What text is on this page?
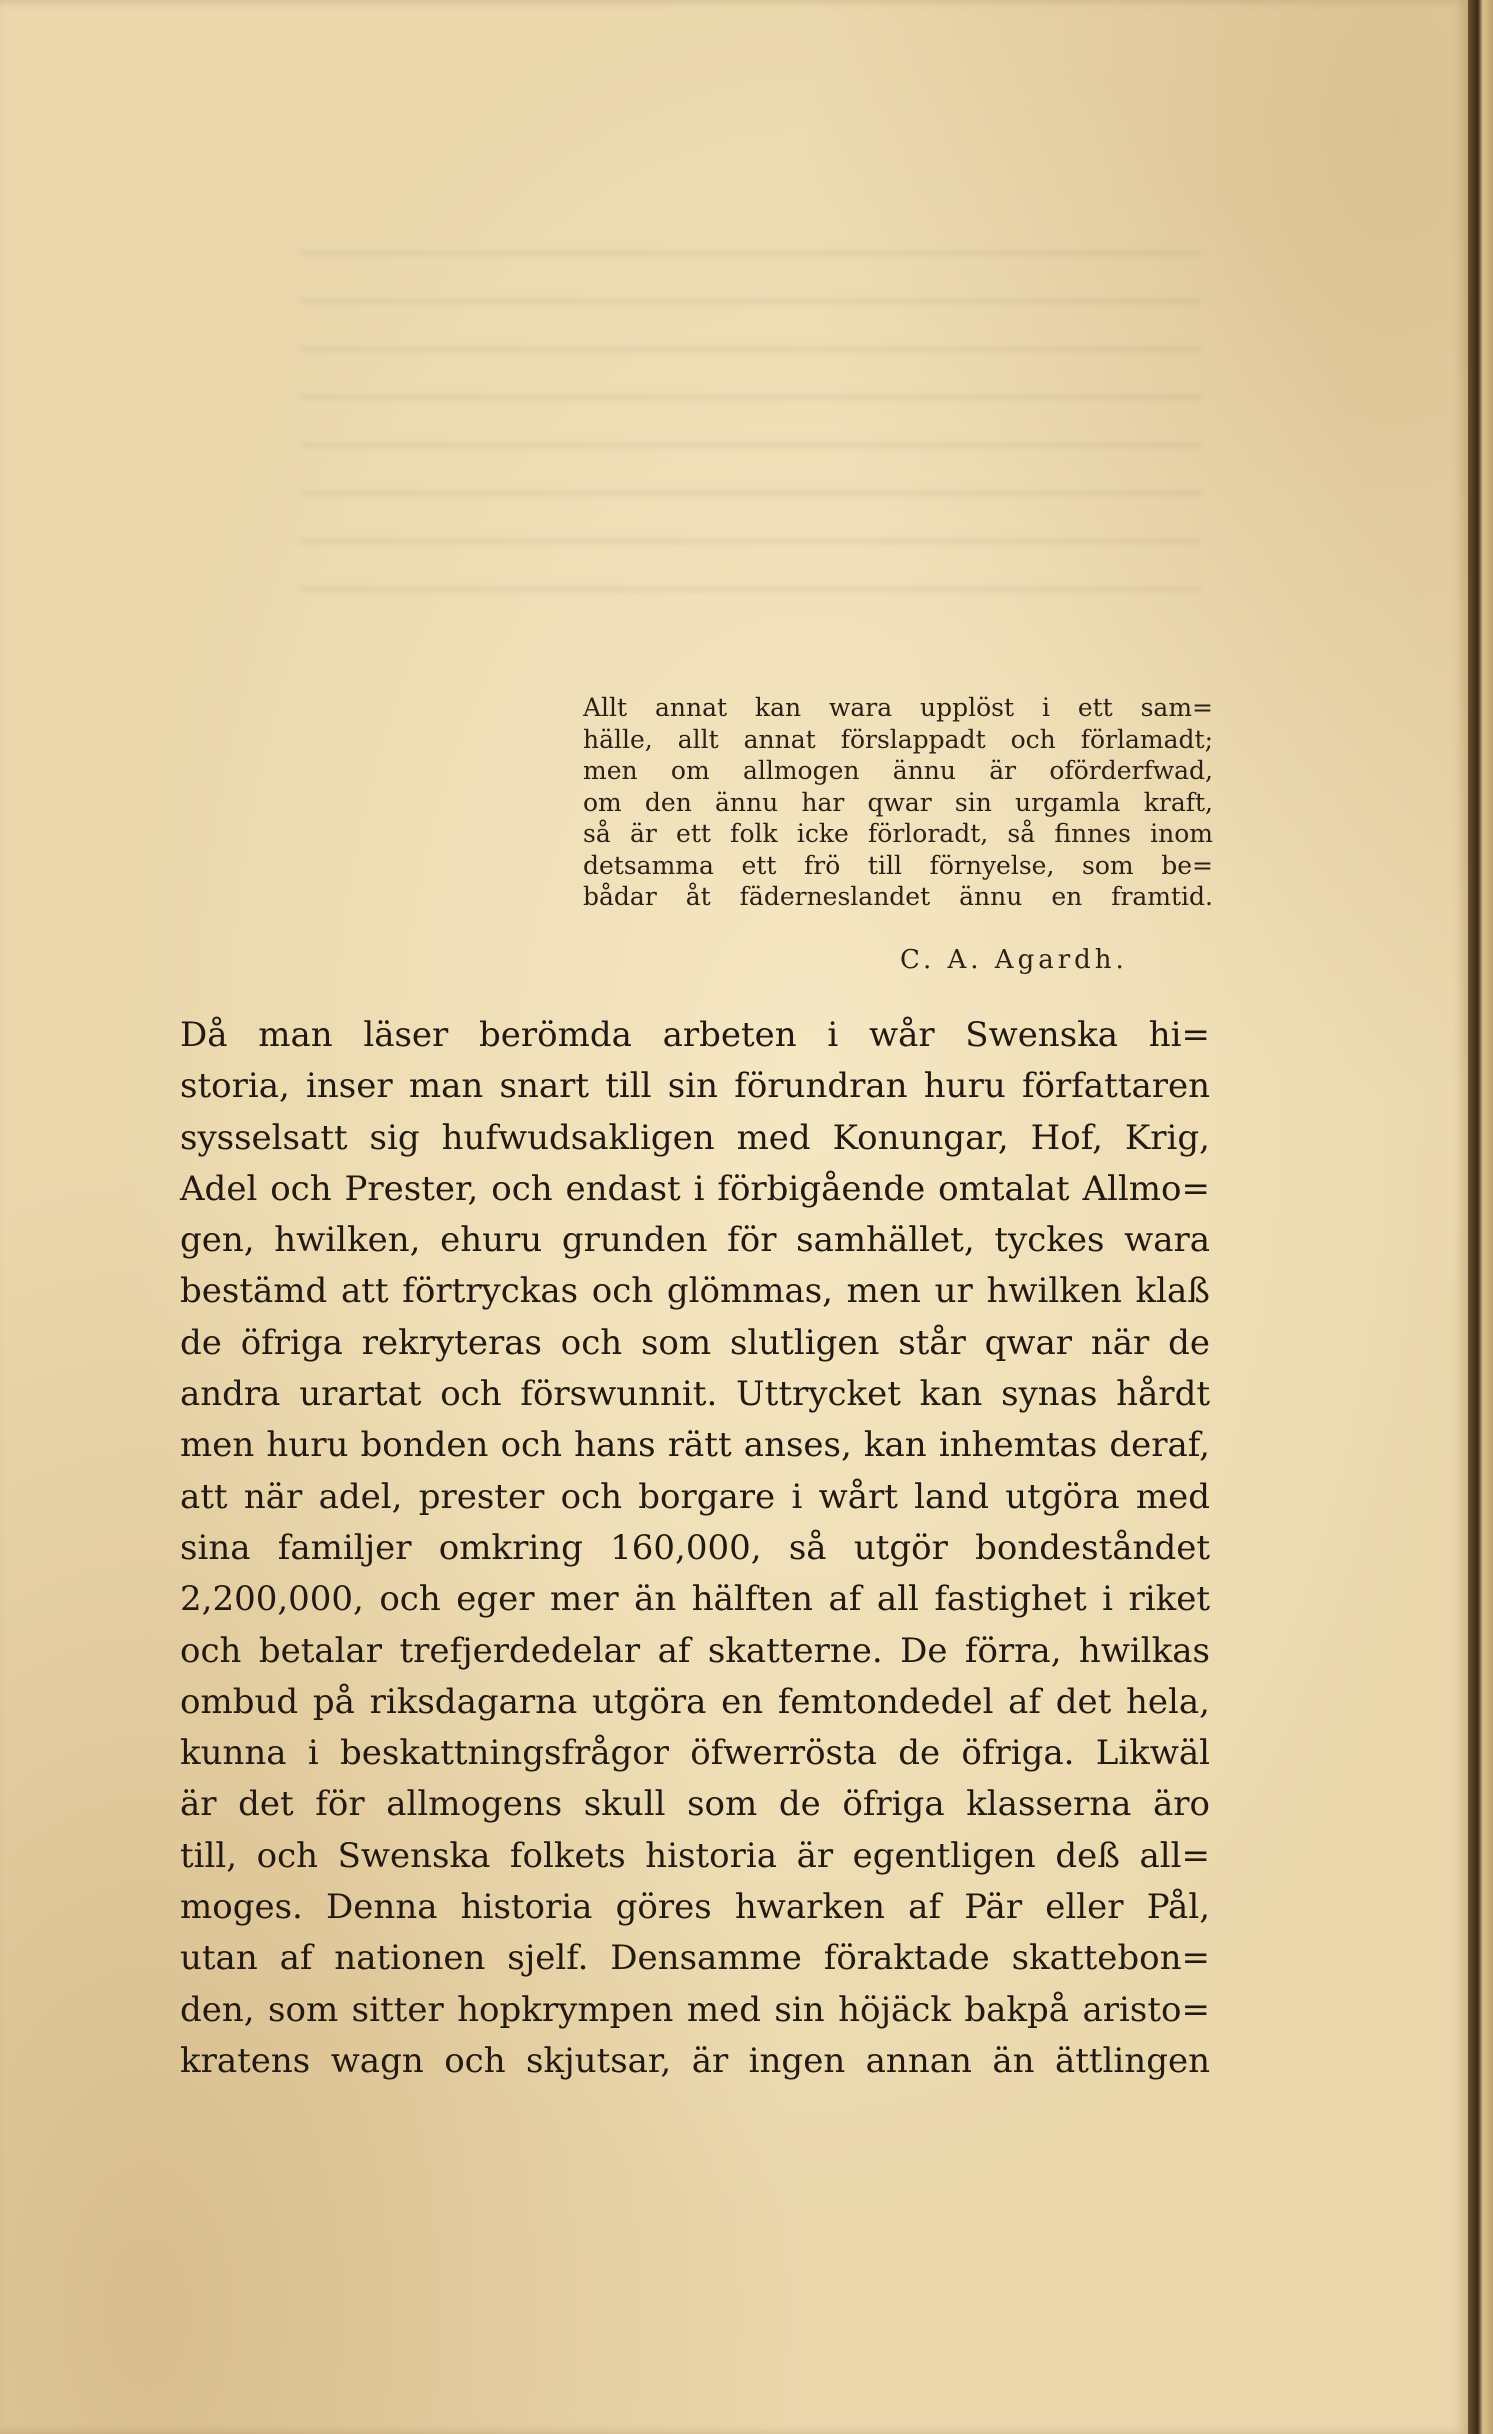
Allt annat kan wara upplöst i ett sam=
hälle, allt annat förslappadt och förlamadt;
men om allmogen ännu är oförderfwad,
om den ännu har qwar sin urgamla kraft,
så är ett folk icke förloradt, så finnes inom
detsamma ett frö till förnyelse, som be=
bådar åt fäderneslandet ännu en framtid.
C. A. Agardh.
Då man läser berömda arbeten i wår Swenska hi=
storia, inser man snart till sin förundran huru författaren
sysselsatt sig hufwudsakligen med Konungar, Hof, Krig,
Adel och Prester, och endast i förbigående omtalat Allmo=
gen, hwilken, ehuru grunden för samhället, tyckes wara
bestämd att förtryckas och glömmas, men ur hwilken klaß
de öfriga rekryteras och som slutligen står qwar när de
andra urartat och förswunnit. Uttrycket kan synas hårdt
men huru bonden och hans rätt anses, kan inhemtas deraf,
att när adel, prester och borgare i wårt land utgöra med
sina familjer omkring 160,000, så utgör bondeståndet
2,200,000, och eger mer än hälften af all fastighet i riket
och betalar trefjerdedelar af skatterne. De förra, hwilkas
ombud på riksdagarna utgöra en femtondedel af det hela,
kunna i beskattningsfrågor öfwerrösta de öfriga. Likwäl
är det för allmogens skull som de öfriga klasserna äro
till, och Swenska folkets historia är egentligen deß all=
moges. Denna historia göres hwarken af Pär eller Pål,
utan af nationen sjelf. Densamme föraktade skattebon=
den, som sitter hopkrympen med sin höjäck bakpå aristo=
kratens wagn och skjutsar, är ingen annan än ättlingen
